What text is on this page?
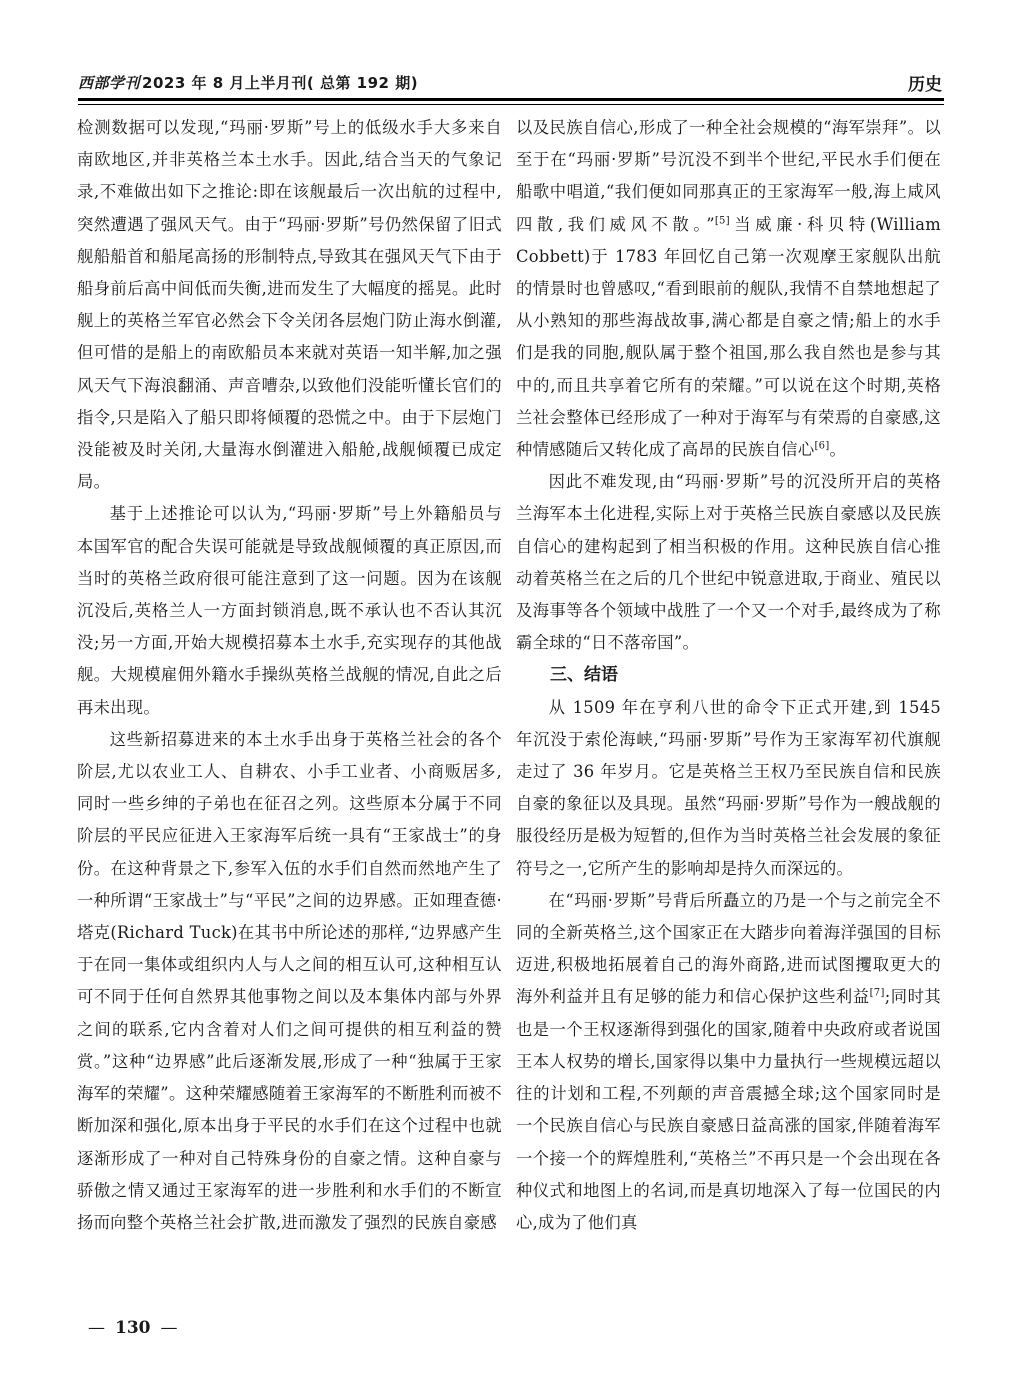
西部学刊 2023 年 8 月上半月刊( 总第 192 期)	历史

检测数据可以发现,“玛丽·罗斯”号上的低级水手大多来自南欧地区,并非英格兰本土水手。因此,结合当天的气象记录,不难做出如下之推论:即在该舰最后一次出航的过程中,突然遭遇了强风天气。由于“玛丽·罗斯”号仍然保留了旧式舰船船首和船尾高扬的形制特点,导致其在强风天气下由于船身前后高中间低而失衡,进而发生了大幅度的摇晃。此时舰上的英格兰军官必然会下令关闭各层炮门防止海水倒灌,但可惜的是船上的南欧船员本来就对英语一知半解,加之强风天气下海浪翻涌、声音嘈杂,以致他们没能听懂长官们的指令,只是陷入了船只即将倾覆的恐慌之中。由于下层炮门没能被及时关闭,大量海水倒灌进入船舱,战舰倾覆已成定局。

基于上述推论可以认为,“玛丽·罗斯”号上外籍船员与本国军官的配合失误可能就是导致战舰倾覆的真正原因,而当时的英格兰政府很可能注意到了这一问题。因为在该舰沉没后,英格兰人一方面封锁消息,既不承认也不否认其沉没;另一方面,开始大规模招募本土水手,充实现存的其他战舰。大规模雇佣外籍水手操纵英格兰战舰的情况,自此之后再未出现。

这些新招募进来的本土水手出身于英格兰社会的各个阶层,尤以农业工人、自耕农、小手工业者、小商贩居多,同时一些乡绅的子弟也在征召之列。这些原本分属于不同阶层的平民应征进入王家海军后统一具有“王家战士”的身份。在这种背景之下,参军入伍的水手们自然而然地产生了一种所谓“王家战士”与“平民”之间的边界感。正如理查德·塔克(Richard Tuck)在其书中所论述的那样,“边界感产生于在同一集体或组织内人与人之间的相互认可,这种相互认可不同于任何自然界其他事物之间以及本集体内部与外界之间的联系,它内含着对人们之间可提供的相互利益的赞赏。”这种“边界感”此后逐渐发展,形成了一种“独属于王家海军的荣耀”。这种荣耀感随着王家海军的不断胜利而被不断加深和强化,原本出身于平民的水手们在这个过程中也就逐渐形成了一种对自己特殊身份的自豪之情。这种自豪与骄傲之情又通过王家海军的进一步胜利和水手们的不断宣扬而向整个英格兰社会扩散,进而激发了强烈的民族自豪感

以及民族自信心,形成了一种全社会规模的“海军崇拜”。以至于在“玛丽·罗斯”号沉没不到半个世纪,平民水手们便在船歌中唱道,“我们便如同那真正的王家海军一般,海上咸风四散,我们威风不散。”[5]当威廉·科贝特(William Cobbett)于 1783 年回忆自己第一次观摩王家舰队出航的情景时也曾感叹,“看到眼前的舰队,我情不自禁地想起了从小熟知的那些海战故事,满心都是自豪之情;船上的水手们是我的同胞,舰队属于整个祖国,那么我自然也是参与其中的,而且共享着它所有的荣耀。”可以说在这个时期,英格兰社会整体已经形成了一种对于海军与有荣焉的自豪感,这种情感随后又转化成了高昂的民族自信心[6]。

因此不难发现,由“玛丽·罗斯”号的沉没所开启的英格兰海军本土化进程,实际上对于英格兰民族自豪感以及民族自信心的建构起到了相当积极的作用。这种民族自信心推动着英格兰在之后的几个世纪中锐意进取,于商业、殖民以及海事等各个领域中战胜了一个又一个对手,最终成为了称霸全球的“日不落帝国”。

三、结语

从 1509 年在亨利八世的命令下正式开建,到 1545 年沉没于索伦海峡,“玛丽·罗斯”号作为王家海军初代旗舰走过了 36 年岁月。它是英格兰王权乃至民族自信和民族自豪的象征以及具现。虽然“玛丽·罗斯”号作为一艘战舰的服役经历是极为短暂的,但作为当时英格兰社会发展的象征符号之一,它所产生的影响却是持久而深远的。

在“玛丽·罗斯”号背后所矗立的乃是一个与之前完全不同的全新英格兰,这个国家正在大踏步向着海洋强国的目标迈进,积极地拓展着自己的海外商路,进而试图攫取更大的海外利益并且有足够的能力和信心保护这些利益[7];同时其也是一个王权逐渐得到强化的国家,随着中央政府或者说国王本人权势的增长,国家得以集中力量执行一些规模远超以往的计划和工程,不列颠的声音震撼全球;这个国家同时是一个民族自信心与民族自豪感日益高涨的国家,伴随着海军一个接一个的辉煌胜利,“英格兰”不再只是一个会出现在各种仪式和地图上的名词,而是真切地深入了每一位国民的内心,成为了他们真

— 130 —
